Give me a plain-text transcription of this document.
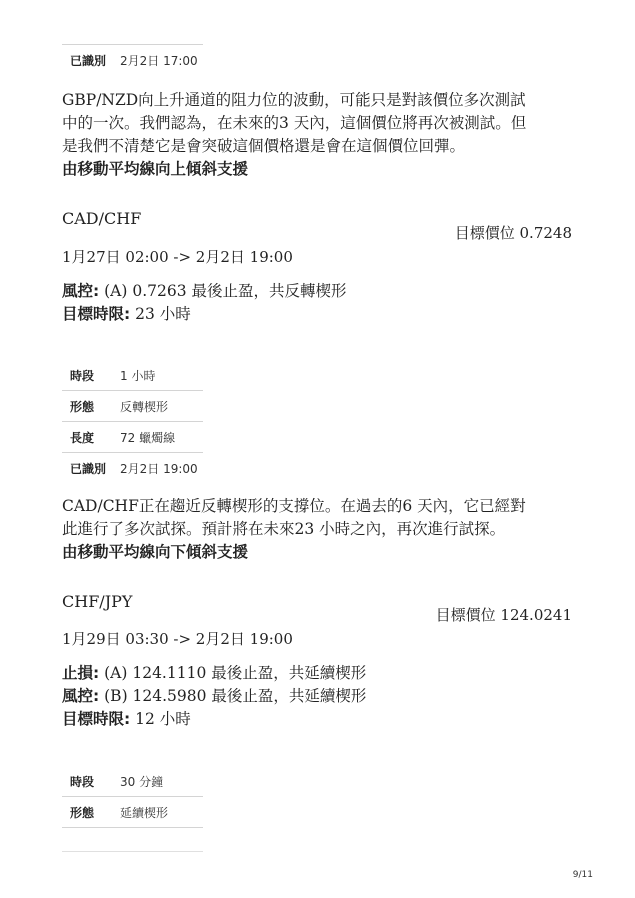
已識別 2月2日 17:00
GBP/NZD向上升通道的阻力位的波動，可能只是對該價位多次測試
中的一次。我們認為，在未來的3 天內，這個價位將再次被測試。但
是我們不清楚它是會突破這個價格還是會在這個價位回彈。
由移動平均線向上傾斜支援
CAD/CHF
目標價位 0.7248
1月27日 02:00 -> 2月2日 19:00
風控: (A) 0.7263 最後止盈，共反轉楔形
目標時限: 23 小時
時段 1 小時
形態 反轉楔形
長度 72 蠟燭線
已識別 2月2日 19:00
CAD/CHF正在趨近反轉楔形的支撐位。在過去的6 天內，它已經對
此進行了多次試探。預計將在未來23 小時之內，再次進行試探。
由移動平均線向下傾斜支援
CHF/JPY
目標價位 124.0241
1月29日 03:30 -> 2月2日 19:00
止損: (A) 124.1110 最後止盈，共延續楔形
風控: (B) 124.5980 最後止盈，共延續楔形
目標時限: 12 小時
時段 30 分鐘
形態 延續楔形
9/11
